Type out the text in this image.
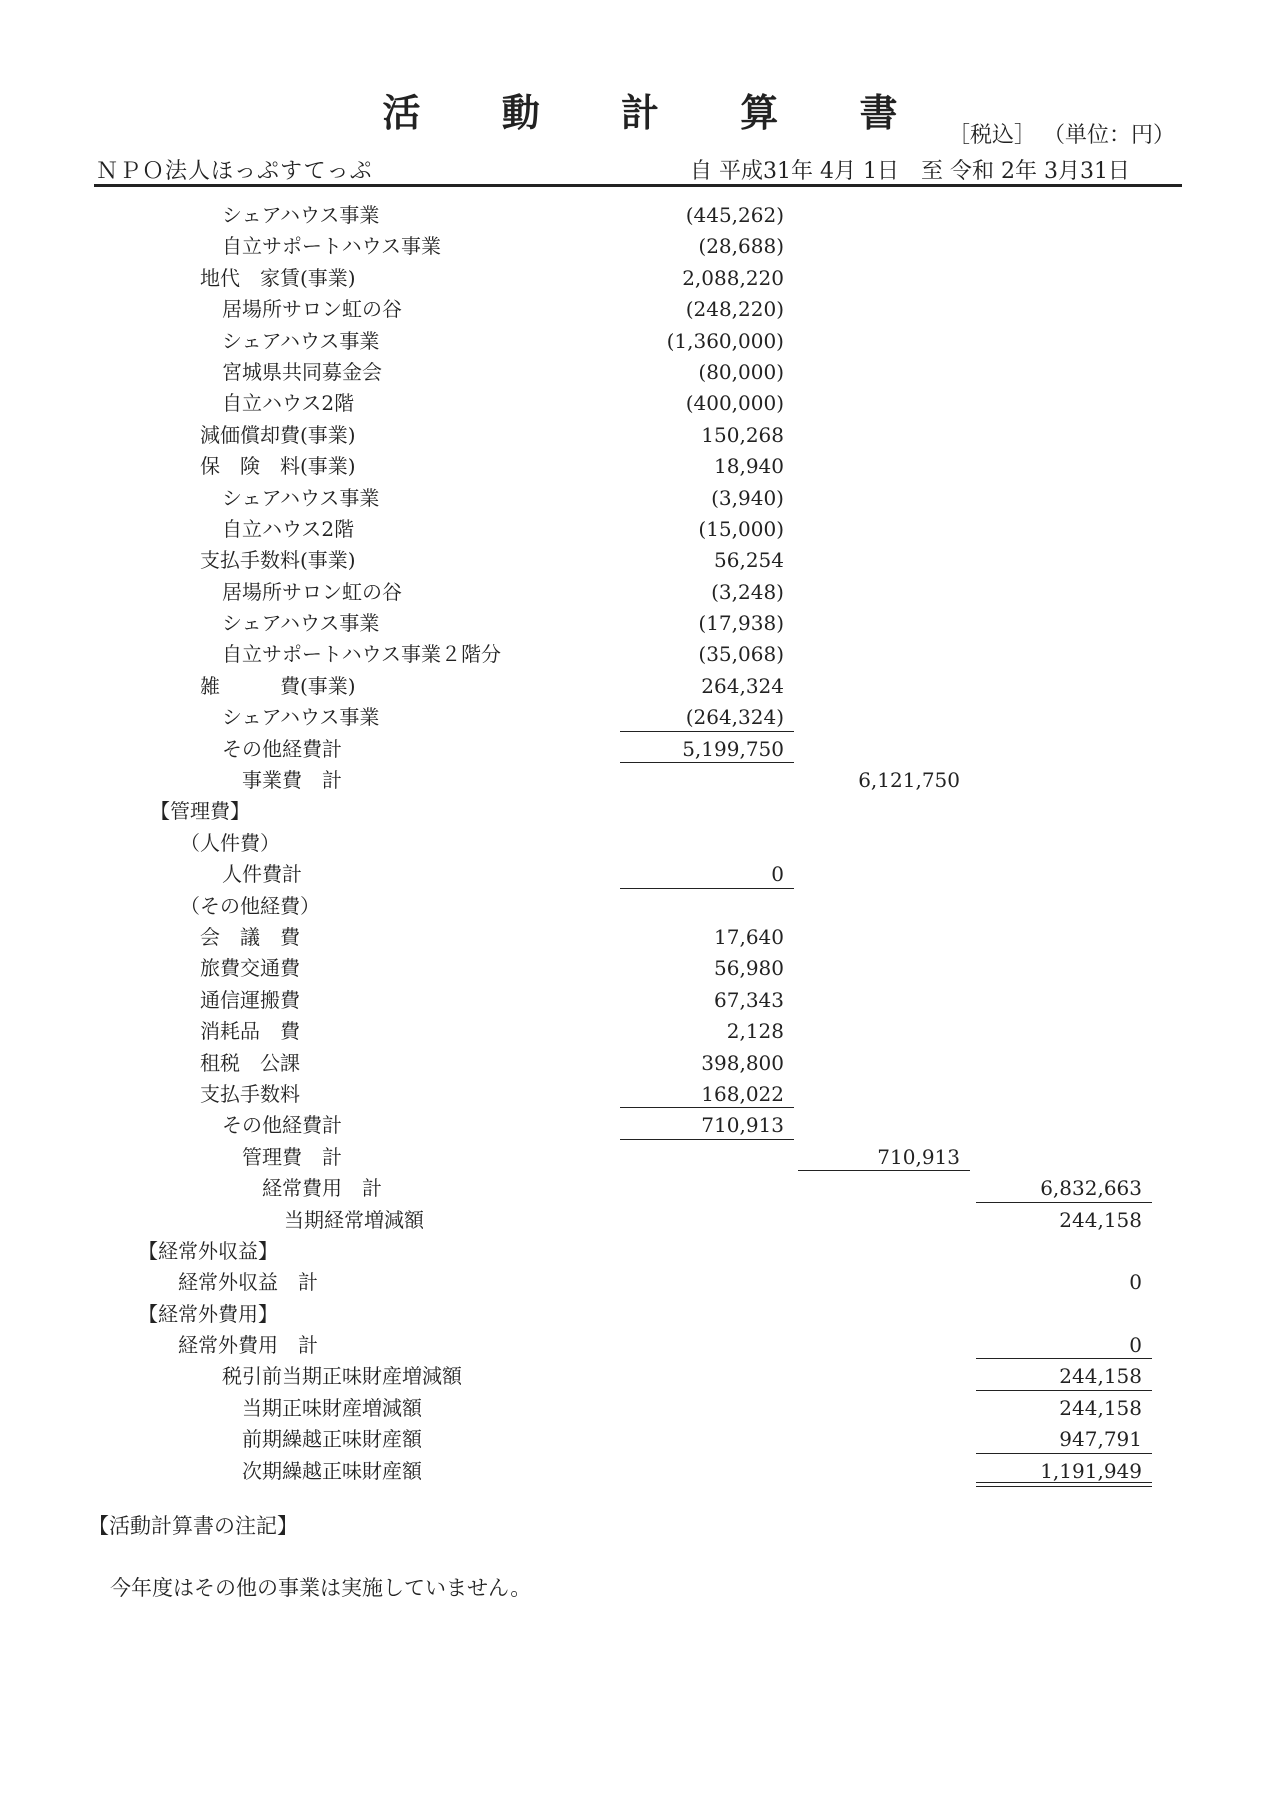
活 動 計 算 書
［税込］ （単位：円）
ＮＰＯ法人ほっぷすてっぷ	自 平成31年 4月 1日　至 令和 2年 3月31日
シェアハウス事業	(445,262)
自立サポートハウス事業	(28,688)
地代　家賃(事業)	2,088,220
居場所サロン虹の谷	(248,220)
シェアハウス事業	(1,360,000)
宮城県共同募金会	(80,000)
自立ハウス2階	(400,000)
減価償却費(事業)	150,268
保　険　料(事業)	18,940
シェアハウス事業	(3,940)
自立ハウス2階	(15,000)
支払手数料(事業)	56,254
居場所サロン虹の谷	(3,248)
シェアハウス事業	(17,938)
自立サポートハウス事業２階分	(35,068)
雑　　　費(事業)	264,324
シェアハウス事業	(264,324)
その他経費計	5,199,750
事業費　計	6,121,750
【管理費】
（人件費）
人件費計	0
（その他経費）
会　議　費	17,640
旅費交通費	56,980
通信運搬費	67,343
消耗品　費	2,128
租税　公課	398,800
支払手数料	168,022
その他経費計	710,913
管理費　計	710,913
経常費用　計	6,832,663
当期経常増減額	244,158
【経常外収益】
経常外収益　計	0
【経常外費用】
経常外費用　計	0
税引前当期正味財産増減額	244,158
当期正味財産増減額	244,158
前期繰越正味財産額	947,791
次期繰越正味財産額	1,191,949
【活動計算書の注記】
今年度はその他の事業は実施していません。
